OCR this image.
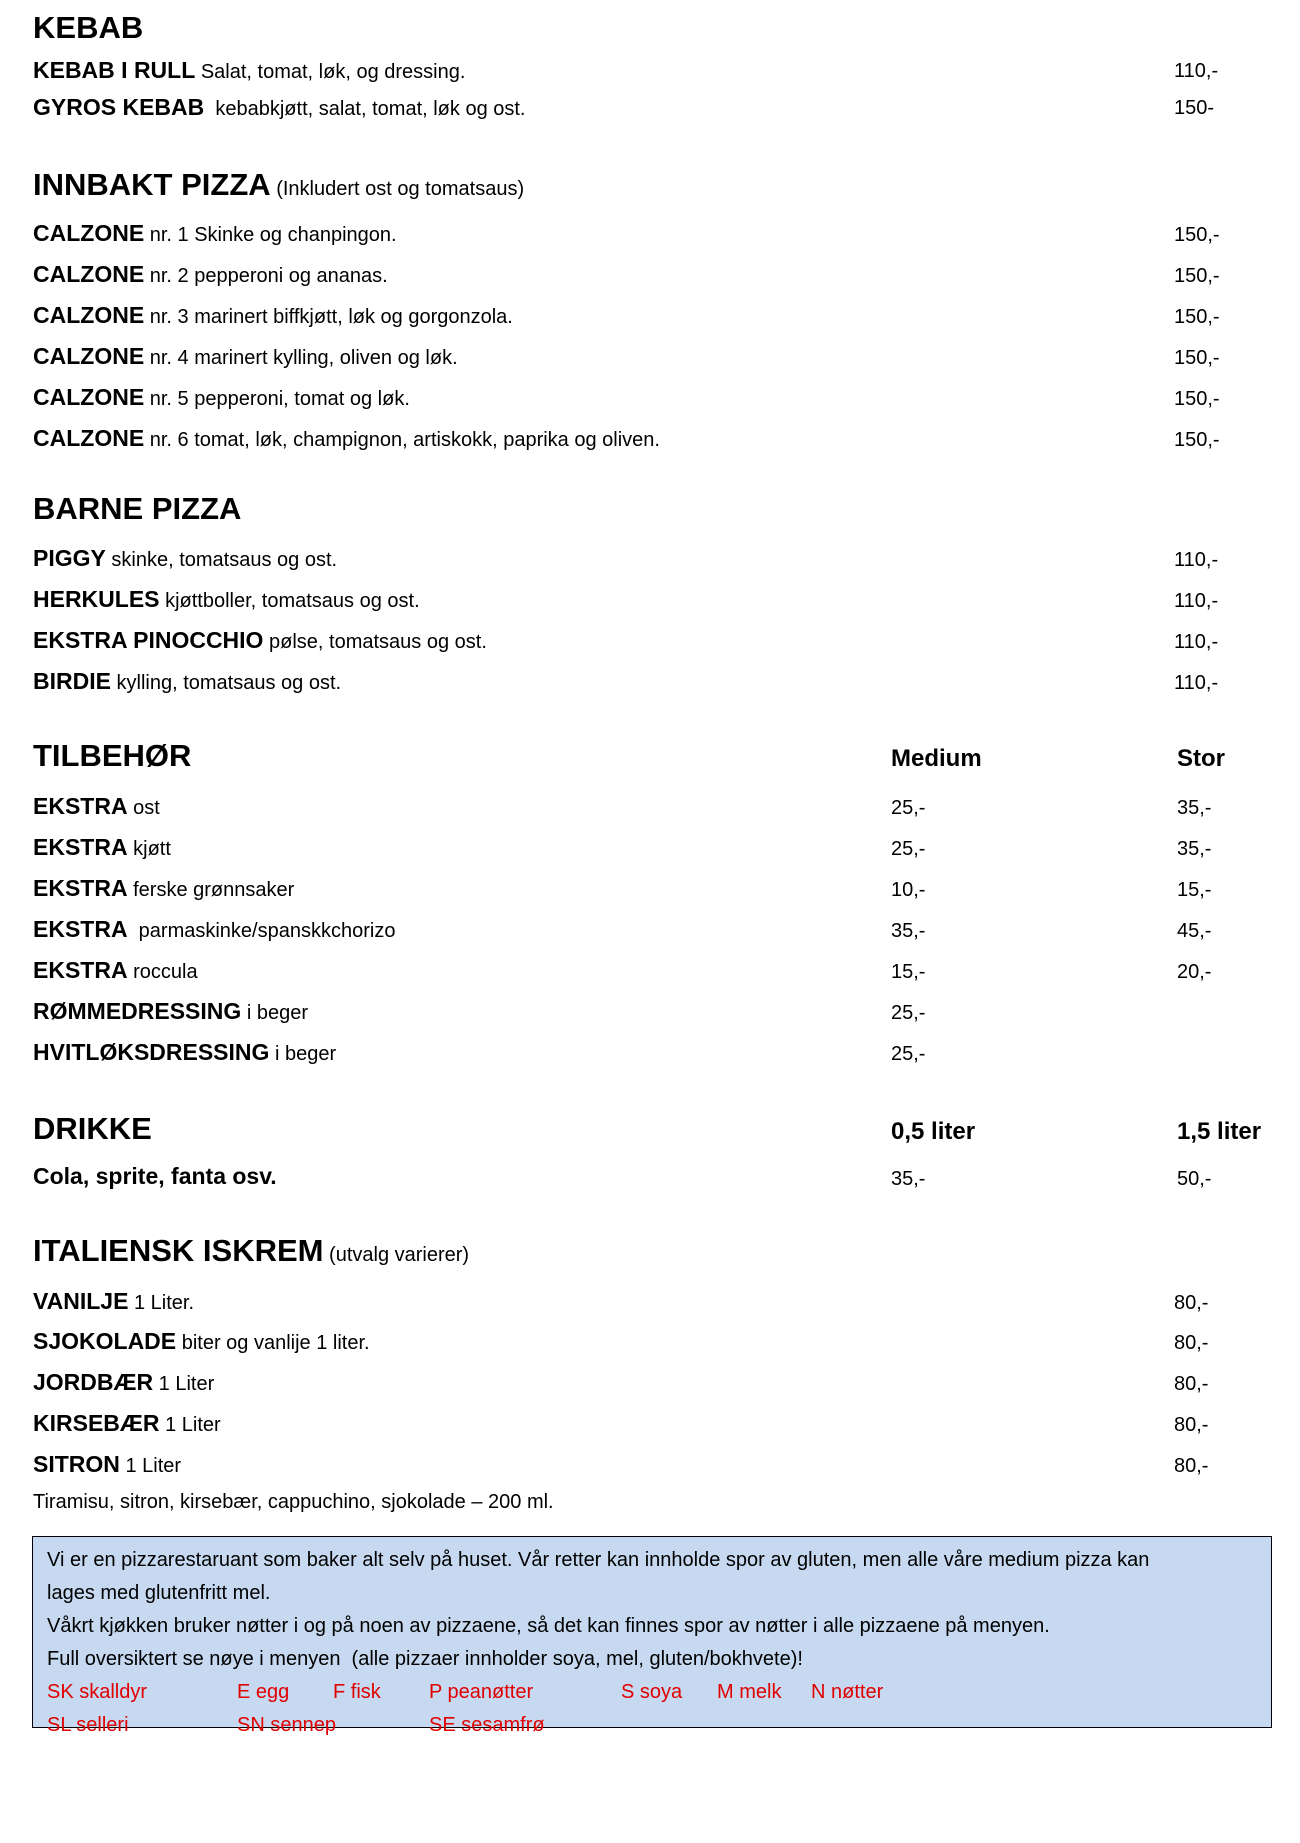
KEBAB
KEBAB I RULL Salat, tomat, løk, og dressing.	110,-
GYROS KEBAB  kebabkjøtt, salat, tomat, løk og ost.	150-
INNBAKT PIZZA (Inkludert ost og tomatsaus)
CALZONE nr. 1 Skinke og chanpingon.	150,-
CALZONE nr. 2 pepperoni og ananas.	150,-
CALZONE nr. 3 marinert biffkjøtt, løk og gorgonzola.	150,-
CALZONE nr. 4 marinert kylling, oliven og løk.	150,-
CALZONE nr. 5 pepperoni, tomat og løk.	150,-
CALZONE nr. 6 tomat, løk, champignon, artiskokk, paprika og oliven.	150,-
BARNE PIZZA
PIGGY skinke, tomatsaus og ost.	110,-
HERKULES kjøttboller, tomatsaus og ost.	110,-
EKSTRA PINOCCHIO pølse, tomatsaus og ost.	110,-
BIRDIE kylling, tomatsaus og ost.	110,-
TILBEHØR	Medium	Stor
EKSTRA ost	25,-	35,-
EKSTRA kjøtt	25,-	35,-
EKSTRA ferske grønnsaker	10,-	15,-
EKSTRA  parmaskinke/spanskkchorizo	35,-	45,-
EKSTRA roccula	15,-	20,-
RØMMEDRESSING i beger	25,-
HVITLØKSDRESSING i beger	25,-
DRIKKE	0,5 liter	1,5 liter
Cola, sprite, fanta osv.	35,-	50,-
ITALIENSK ISKREM (utvalg varierer)
VANILJE 1 Liter.	80,-
SJOKOLADE biter og vanlije 1 liter.	80,-
JORDBÆR 1 Liter	80,-
KIRSEBÆR 1 Liter	80,-
SITRON 1 Liter	80,-
Tiramisu, sitron, kirsebær, cappuchino, sjokolade – 200 ml.
Vi er en pizzarestaruant som baker alt selv på huset. Vår retter kan innholde spor av gluten, men alle våre medium pizza kan
lages med glutenfritt mel.
Våkrt kjøkken bruker nøtter i og på noen av pizzaene, så det kan finnes spor av nøtter i alle pizzaene på menyen.
Full oversiktert se nøye i menyen  (alle pizzaer innholder soya, mel, gluten/bokhvete)!
SK skalldyr	E egg F fisk P peanøtter	S soya M melk N nøtter
SL selleri	SN sennep	SE sesamfrø
